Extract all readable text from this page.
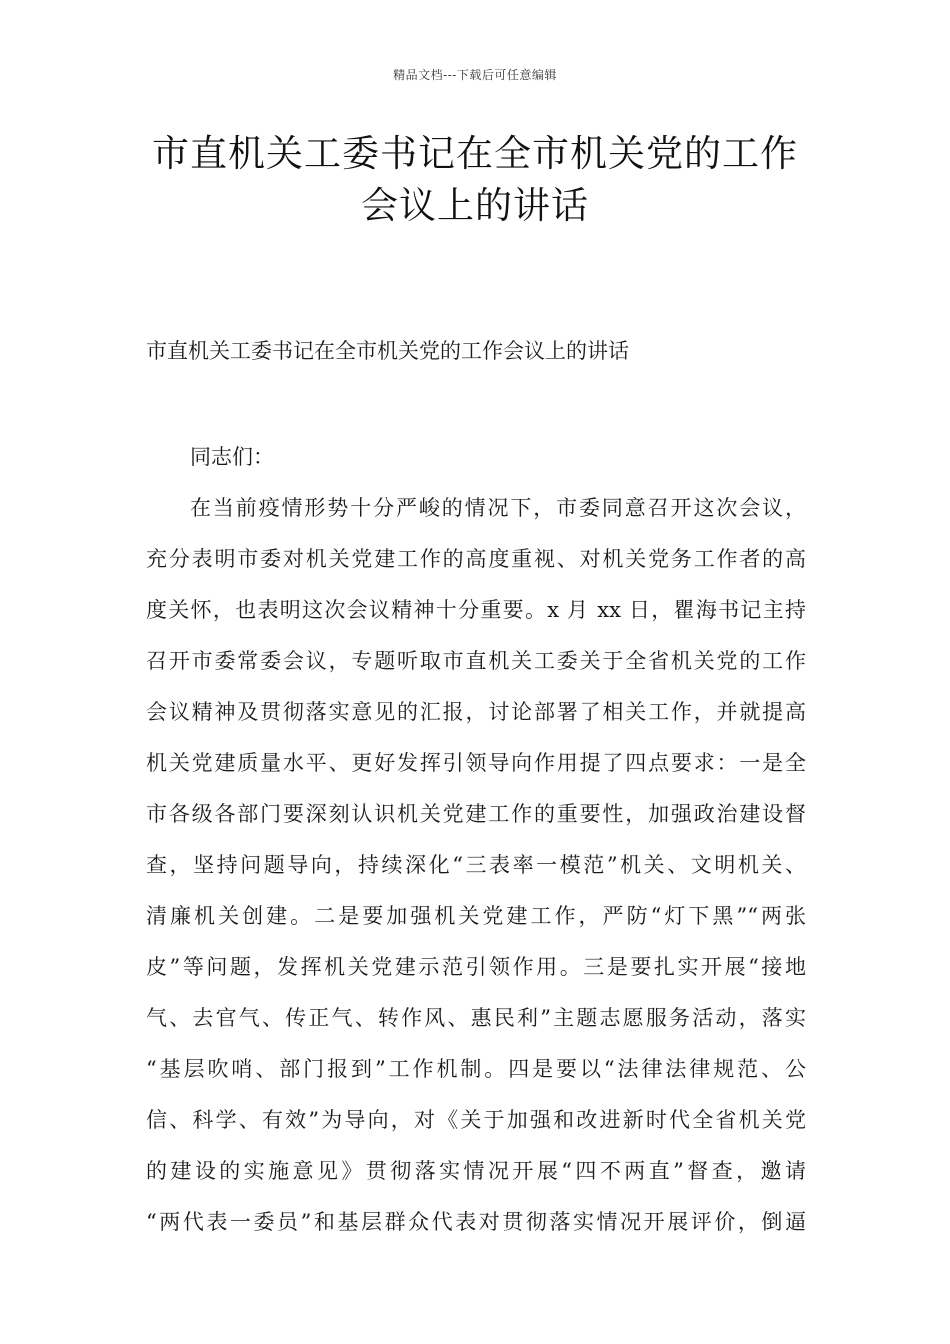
精品文档---下载后可任意编辑
市直机关工委书记在全市机关党的工作
会议上的讲话
市直机关工委书记在全市机关党的工作会议上的讲话
同志们：
在当前疫情形势十分严峻的情况下，市委同意召开这次会议，
充分表明市委对机关党建工作的高度重视、对机关党务工作者的高
度关怀，也表明这次会议精神十分重要。x 月 xx 日，瞿海书记主持
召开市委常委会议，专题听取市直机关工委关于全省机关党的工作
会议精神及贯彻落实意见的汇报，讨论部署了相关工作，并就提高
机关党建质量水平、更好发挥引领导向作用提了四点要求：一是全
市各级各部门要深刻认识机关党建工作的重要性，加强政治建设督
查，坚持问题导向，持续深化“三表率一模范”机关、文明机关、
清廉机关创建。二是要加强机关党建工作，严防“灯下黑”“两张
皮”等问题，发挥机关党建示范引领作用。三是要扎实开展“接地
气、去官气、传正气、转作风、惠民利”主题志愿服务活动，落实
“基层吹哨、部门报到”工作机制。四是要以“法律法律规范、公
信、科学、有效”为导向，对《关于加强和改进新时代全省机关党
的建设的实施意见》贯彻落实情况开展“四不两直”督查，邀请
“两代表一委员”和基层群众代表对贯彻落实情况开展评价，倒逼
